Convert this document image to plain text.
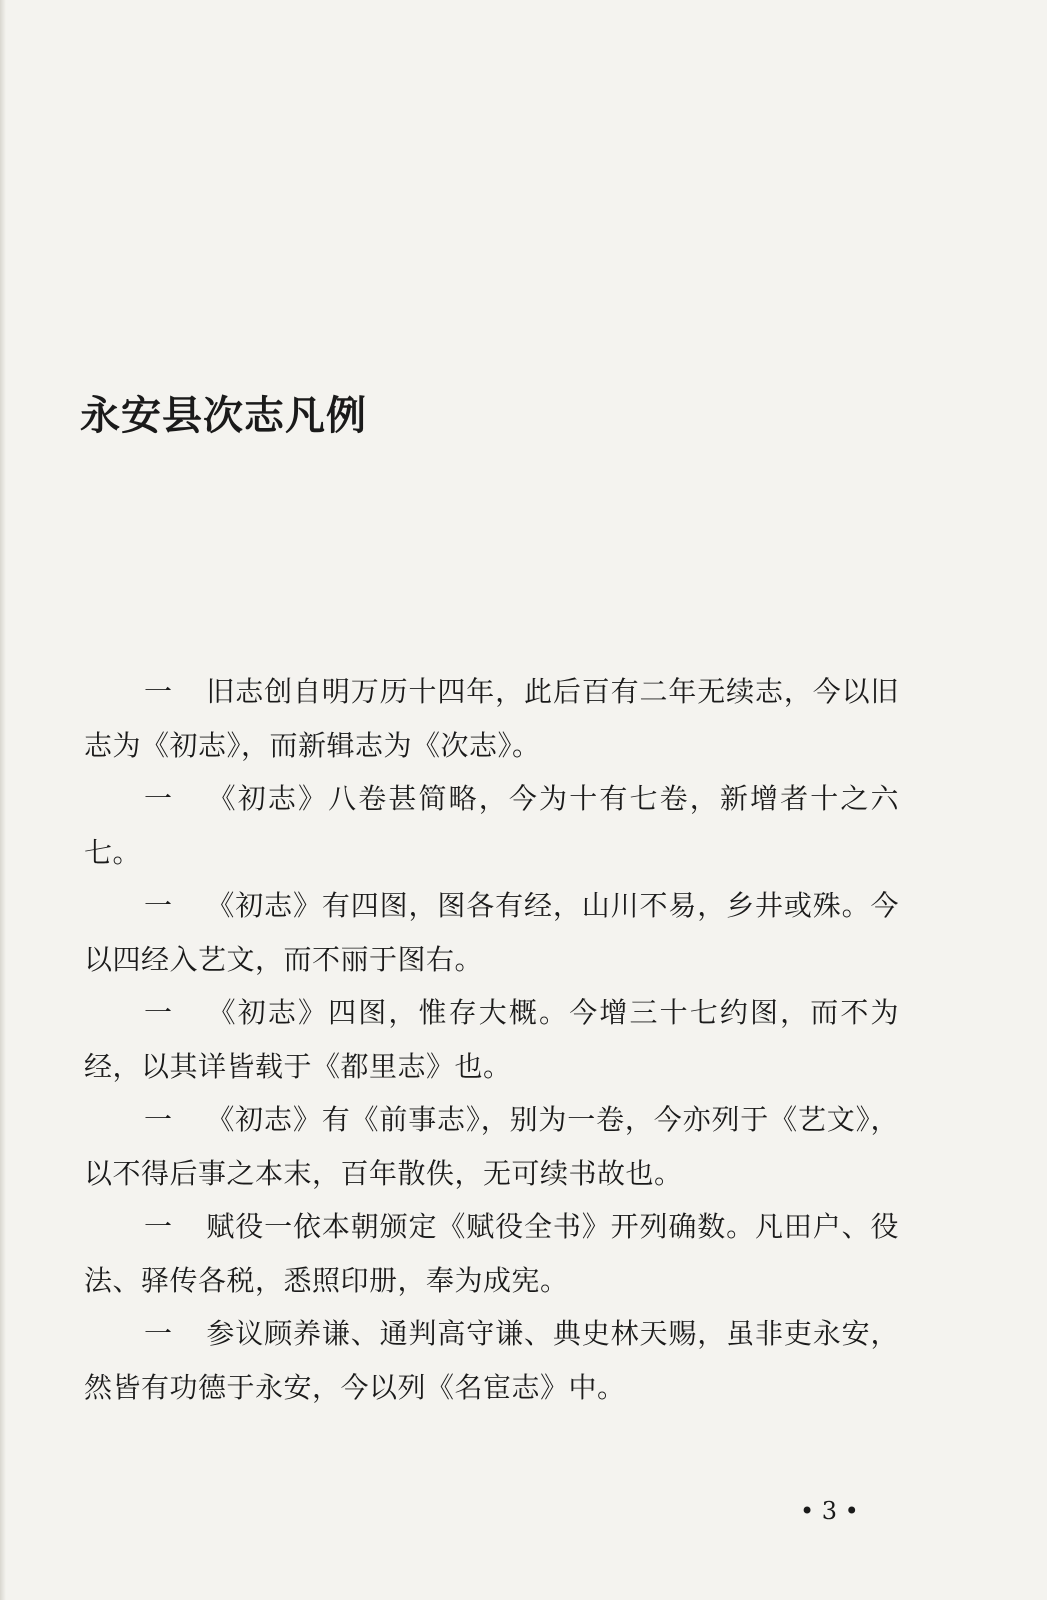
永安县次志凡例

一 旧志创自明万历十四年，此后百有二年无续志，今以旧志为《初志》，而新辑志为《次志》。

一 《初志》八卷甚简略，今为十有七卷，新增者十之六七。

一 《初志》有四图，图各有经，山川不易，乡井或殊。今以四经入艺文，而不丽于图右。

一 《初志》四图，惟存大概。今增三十七约图，而不为经，以其详皆载于《都里志》也。

一 《初志》有《前事志》，别为一卷，今亦列于《艺文》，以不得后事之本末，百年散佚，无可续书故也。

一 赋役一依本朝颁定《赋役全书》开列确数。凡田户、役法、驿传各税，悉照印册，奉为成宪。

一 参议顾养谦、通判高守谦、典史林天赐，虽非吏永安，然皆有功德于永安，今以列《名宦志》中。

• 3 •
